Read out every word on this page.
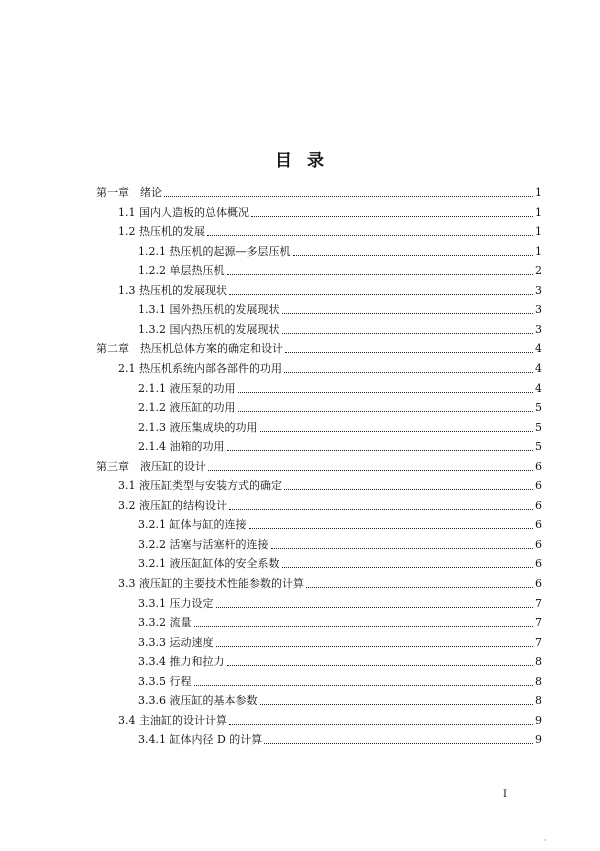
目 录
第一章　绪论	1
1.1 国内人造板的总体概况	1
1.2 热压机的发展	1
1.2.1 热压机的起源—多层压机	1
1.2.2 单层热压机	2
1.3 热压机的发展现状	3
1.3.1 国外热压机的发展现状	3
1.3.2 国内热压机的发展现状	3
第二章　热压机总体方案的确定和设计	4
2.1 热压机系统内部各部件的功用	4
2.1.1 液压泵的功用	4
2.1.2 液压缸的功用	5
2.1.3 液压集成块的功用	5
2.1.4 油箱的功用	5
第三章　液压缸的设计	6
3.1 液压缸类型与安装方式的确定	6
3.2 液压缸的结构设计	6
3.2.1 缸体与缸的连接	6
3.2.2 活塞与活塞杆的连接	6
3.2.1 液压缸缸体的安全系数	6
3.3 液压缸的主要技术性能参数的计算	6
3.3.1 压力设定	7
3.3.2 流量	7
3.3.3 运动速度	7
3.3.4 推力和拉力	8
3.3.5 行程	8
3.3.6 液压缸的基本参数	8
3.4 主油缸的设计计算	9
3.4.1 缸体内径 D 的计算	9
I
·
